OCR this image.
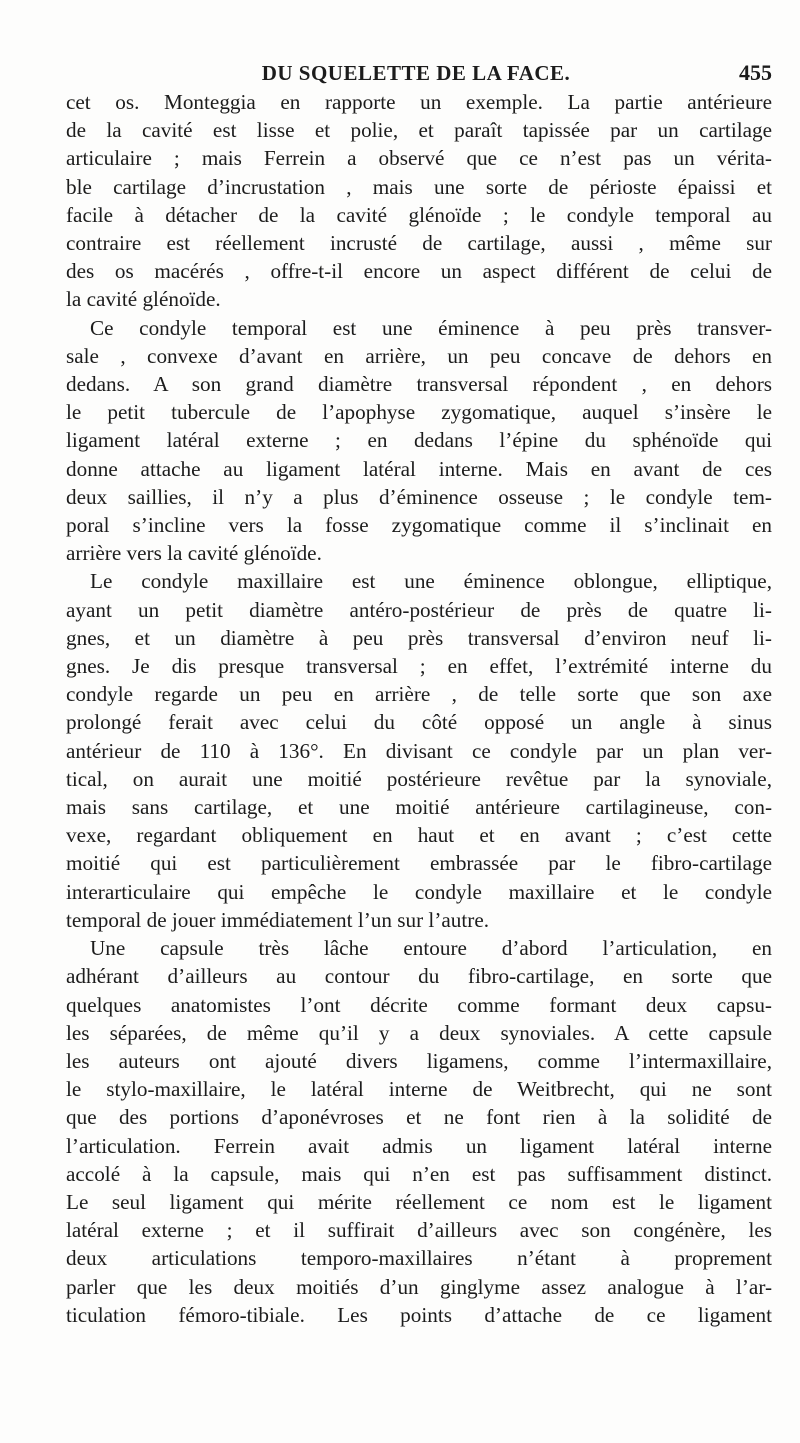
DU SQUELETTE DE LA FACE.	455

cet os. Monteggia en rapporte un exemple. La partie antérieure

de la cavité est lisse et polie, et paraît tapissée par un cartilage

articulaire ; mais Ferrein a observé que ce n’est pas un vérita-

ble cartilage d’incrustation , mais une sorte de périoste épaissi et

facile à détacher de la cavité glénoïde ; le condyle temporal au

contraire est réellement incrusté de cartilage, aussi , même sur

des os macérés , offre-t-il encore un aspect différent de celui de

la cavité glénoïde.

Ce condyle temporal est une éminence à peu près transver-

sale , convexe d’avant en arrière, un peu concave de dehors en

dedans. A son grand diamètre transversal répondent , en dehors

le petit tubercule de l’apophyse zygomatique, auquel s’insère le

ligament latéral externe ; en dedans l’épine du sphénoïde qui

donne attache au ligament latéral interne. Mais en avant de ces

deux saillies, il n’y a plus d’éminence osseuse ; le condyle tem-

poral s’incline vers la fosse zygomatique comme il s’inclinait en

arrière vers la cavité glénoïde.

Le condyle maxillaire est une éminence oblongue, elliptique,

ayant un petit diamètre antéro-postérieur de près de quatre li-

gnes, et un diamètre à peu près transversal d’environ neuf li-

gnes. Je dis presque transversal ; en effet, l’extrémité interne du

condyle regarde un peu en arrière , de telle sorte que son axe

prolongé ferait avec celui du côté opposé un angle à sinus

antérieur de 110 à 136°. En divisant ce condyle par un plan ver-

tical, on aurait une moitié postérieure revêtue par la synoviale,

mais sans cartilage, et une moitié antérieure cartilagineuse, con-

vexe, regardant obliquement en haut et en avant ; c’est cette

moitié qui est particulièrement embrassée par le fibro-cartilage

interarticulaire qui empêche le condyle maxillaire et le condyle

temporal de jouer immédiatement l’un sur l’autre.

Une capsule très lâche entoure d’abord l’articulation, en

adhérant d’ailleurs au contour du fibro-cartilage, en sorte que

quelques anatomistes l’ont décrite comme formant deux capsu-

les séparées, de même qu’il y a deux synoviales. A cette capsule

les auteurs ont ajouté divers ligamens, comme l’intermaxillaire,

le stylo-maxillaire, le latéral interne de Weitbrecht, qui ne sont

que des portions d’aponévroses et ne font rien à la solidité de

l’articulation. Ferrein avait admis un ligament latéral interne

accolé à la capsule, mais qui n’en est pas suffisamment distinct.

Le seul ligament qui mérite réellement ce nom est le ligament

latéral externe ; et il suffirait d’ailleurs avec son congénère, les

deux articulations temporo-maxillaires n’étant à proprement

parler que les deux moitiés d’un ginglyme assez analogue à l’ar-

ticulation fémoro-tibiale. Les points d’attache de ce ligament
